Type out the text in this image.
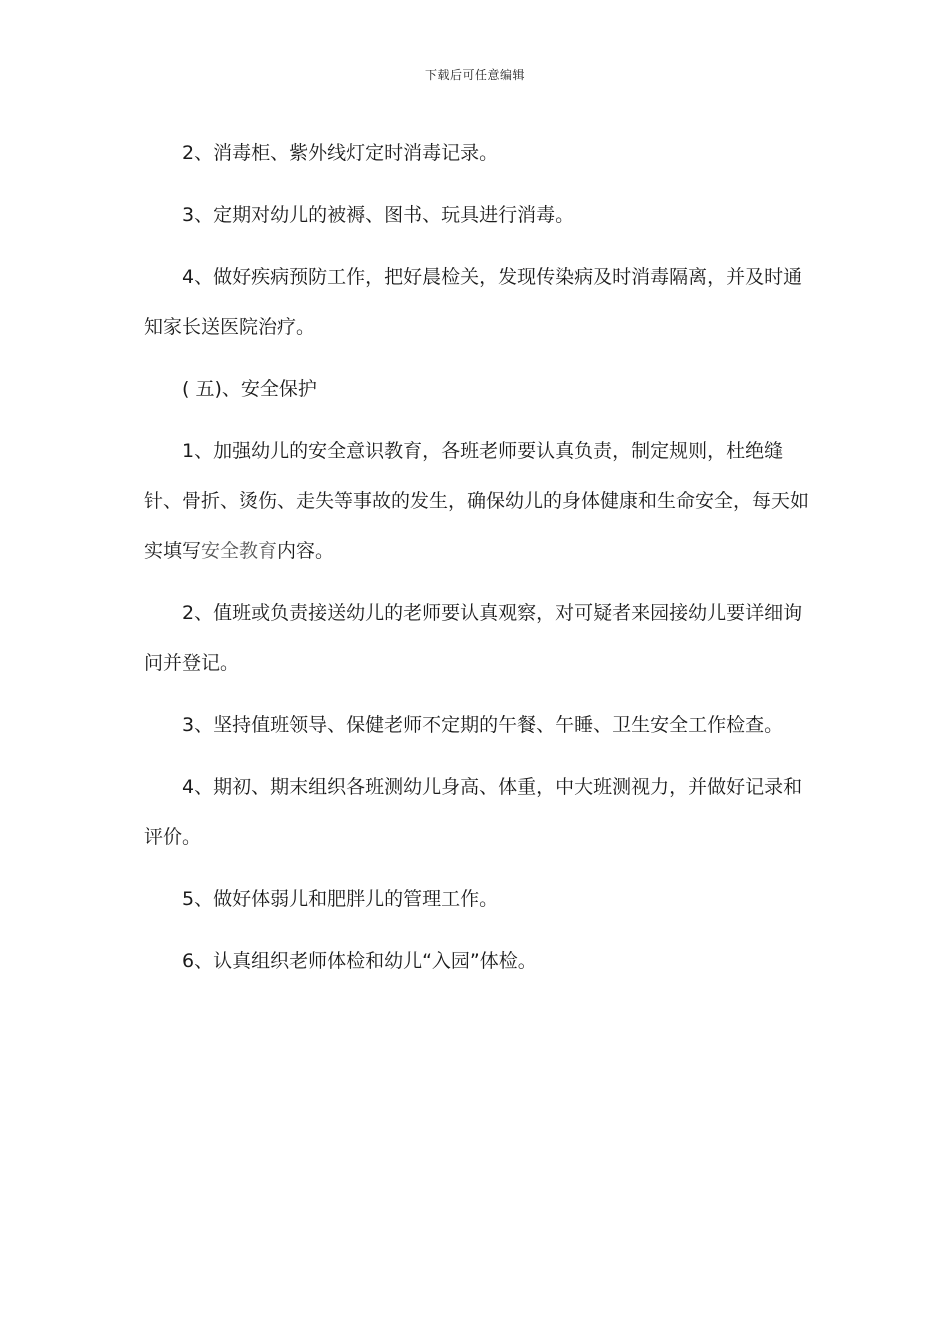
下载后可任意编辑

2、消毒柜、紫外线灯定时消毒记录。

3、定期对幼儿的被褥、图书、玩具进行消毒。

4、做好疾病预防工作，把好晨检关，发现传染病及时消毒隔离，并及时通知家长送医院治疗。

( 五)、安全保护

1、加强幼儿的安全意识教育，各班老师要认真负责，制定规则，杜绝缝针、骨折、烫伤、走失等事故的发生，确保幼儿的身体健康和生命安全，每天如实填写安全教育内容。

2、值班或负责接送幼儿的老师要认真观察，对可疑者来园接幼儿要详细询问并登记。

3、坚持值班领导、保健老师不定期的午餐、午睡、卫生安全工作检查。

4、期初、期末组织各班测幼儿身高、体重，中大班测视力，并做好记录和评价。

5、做好体弱儿和肥胖儿的管理工作。

6、认真组织老师体检和幼儿“入园”体检。
